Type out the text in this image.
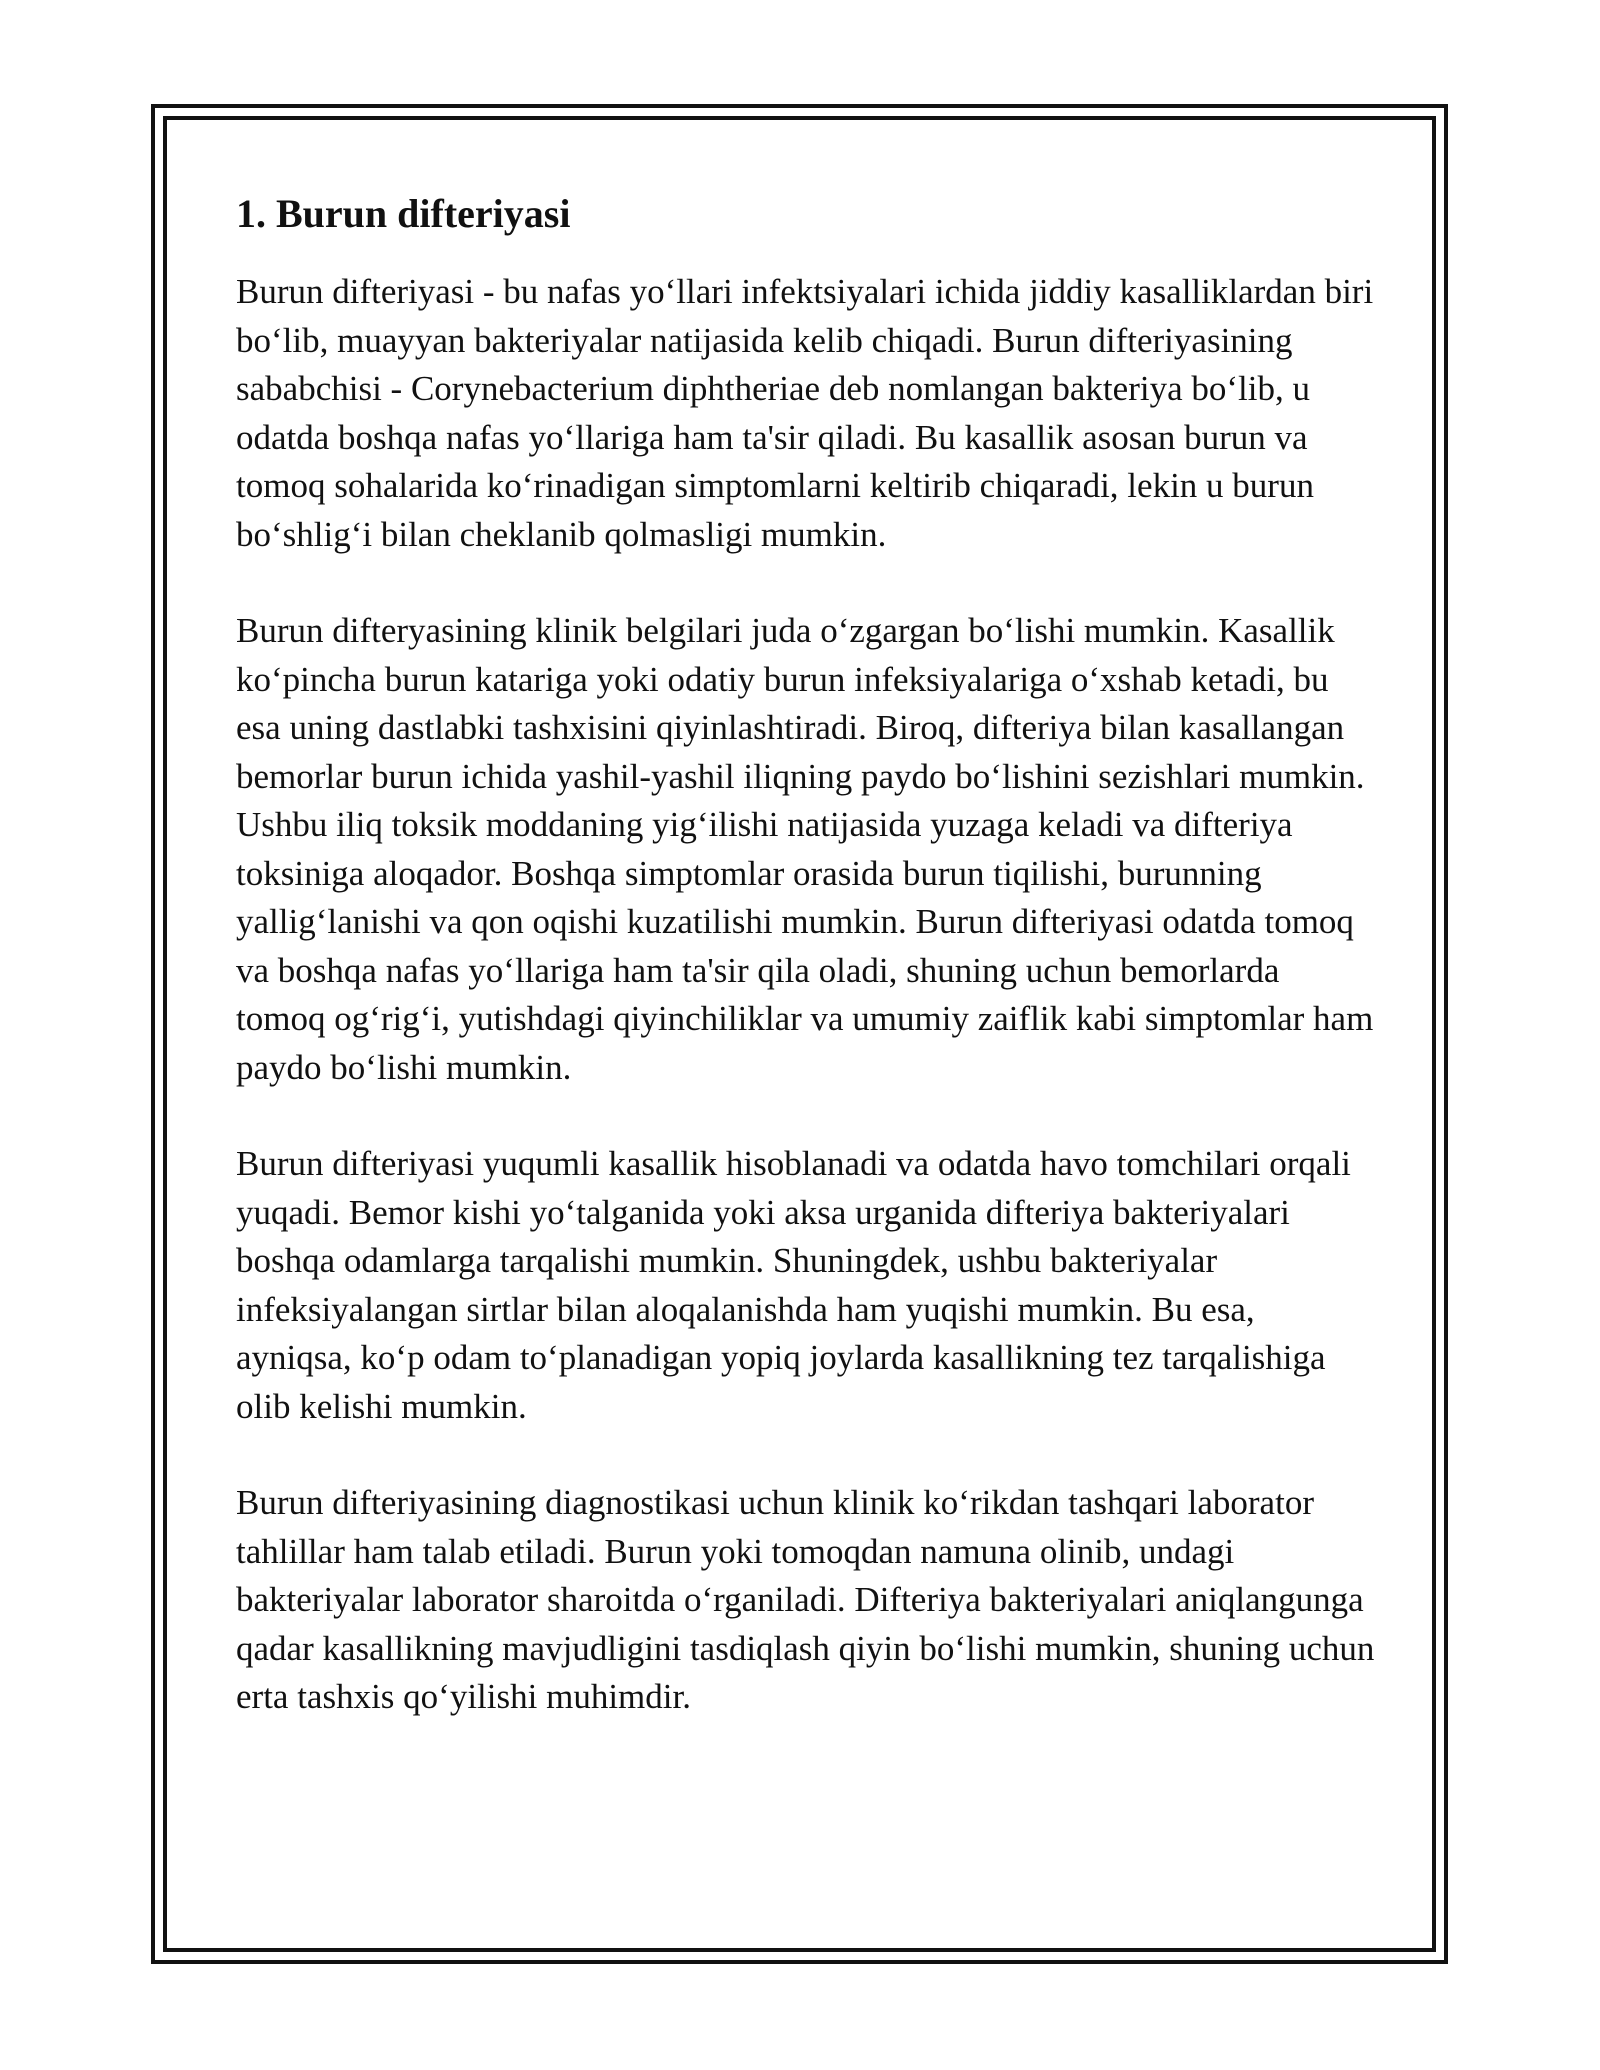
1. Burun difteriyasi

Burun difteriyasi - bu nafas yo‘llari infektsiyalari ichida jiddiy kasalliklardan biri bo‘lib, muayyan bakteriyalar natijasida kelib chiqadi. Burun difteriyasining sababchisi - Corynebacterium diphtheriae deb nomlangan bakteriya bo‘lib, u odatda boshqa nafas yo‘llariga ham ta'sir qiladi. Bu kasallik asosan burun va tomoq sohalarida ko‘rinadigan simptomlarni keltirib chiqaradi, lekin u burun bo‘shlig‘i bilan cheklanib qolmasligi mumkin.

Burun difteryasining klinik belgilari juda o‘zgargan bo‘lishi mumkin. Kasallik ko‘pincha burun katariga yoki odatiy burun infeksiyalariga o‘xshab ketadi, bu esa uning dastlabki tashxisini qiyinlashtiradi. Biroq, difteriya bilan kasallangan bemorlar burun ichida yashil-yashil iliqning paydo bo‘lishini sezishlari mumkin. Ushbu iliq toksik moddaning yig‘ilishi natijasida yuzaga keladi va difteriya toksiniga aloqador. Boshqa simptomlar orasida burun tiqilishi, burunning yallig‘lanishi va qon oqishi kuzatilishi mumkin. Burun difteriyasi odatda tomoq va boshqa nafas yo‘llariga ham ta'sir qila oladi, shuning uchun bemorlarda tomoq og‘rig‘i, yutishdagi qiyinchiliklar va umumiy zaiflik kabi simptomlar ham paydo bo‘lishi mumkin.

Burun difteriyasi yuqumli kasallik hisoblanadi va odatda havo tomchilari orqali yuqadi. Bemor kishi yo‘talganida yoki aksa urganida difteriya bakteriyalari boshqa odamlarga tarqalishi mumkin. Shuningdek, ushbu bakteriyalar infeksiyalangan sirtlar bilan aloqalanishda ham yuqishi mumkin. Bu esa, ayniqsa, ko‘p odam to‘planadigan yopiq joylarda kasallikning tez tarqalishiga olib kelishi mumkin.

Burun difteriyasining diagnostikasi uchun klinik ko‘rikdan tashqari laborator tahlillar ham talab etiladi. Burun yoki tomoqdan namuna olinib, undagi bakteriyalar laborator sharoitda o‘rganiladi. Difteriya bakteriyalari aniqlangunga qadar kasallikning mavjudligini tasdiqlash qiyin bo‘lishi mumkin, shuning uchun erta tashxis qo‘yilishi muhimdir.
